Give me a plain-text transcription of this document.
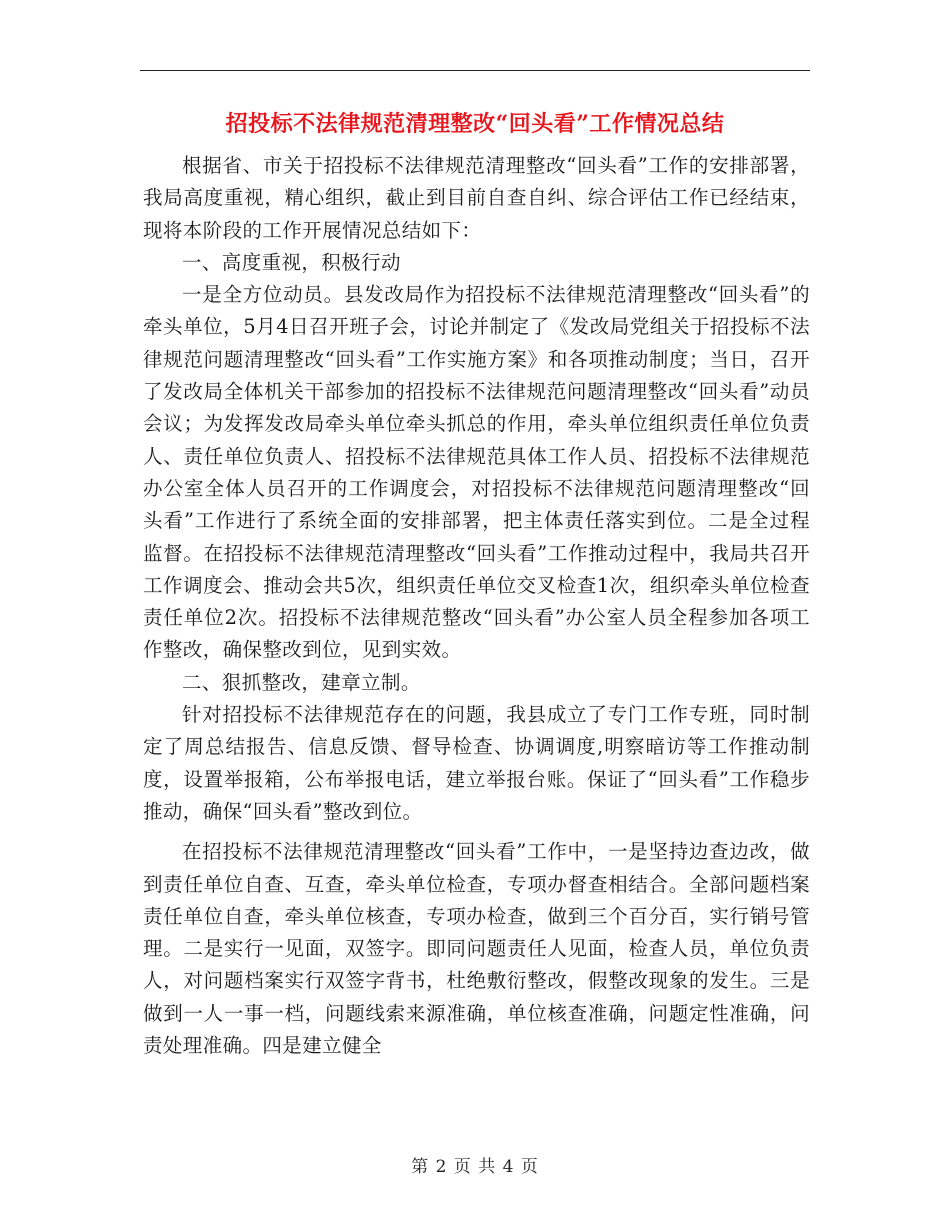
招投标不法律规范清理整改“回头看”工作情况总结

根据省、市关于招投标不法律规范清理整改“回头看”工作的安排部署，我局高度重视，精心组织，截止到目前自查自纠、综合评估工作已经结束，现将本阶段的工作开展情况总结如下：

一、高度重视，积极行动

一是全方位动员。县发改局作为招投标不法律规范清理整改“回头看”的牵头单位，5月4日召开班子会，讨论并制定了《发改局党组关于招投标不法律规范问题清理整改“回头看”工作实施方案》和各项推动制度；当日，召开了发改局全体机关干部参加的招投标不法律规范问题清理整改“回头看”动员会议；为发挥发改局牵头单位牵头抓总的作用，牵头单位组织责任单位负责人、责任单位负责人、招投标不法律规范具体工作人员、招投标不法律规范办公室全体人员召开的工作调度会，对招投标不法律规范问题清理整改“回头看”工作进行了系统全面的安排部署，把主体责任落实到位。二是全过程监督。在招投标不法律规范清理整改“回头看”工作推动过程中，我局共召开工作调度会、推动会共5次，组织责任单位交叉检查1次，组织牵头单位检查责任单位2次。招投标不法律规范整改“回头看”办公室人员全程参加各项工作整改，确保整改到位，见到实效。

二、狠抓整改，建章立制。

针对招投标不法律规范存在的问题，我县成立了专门工作专班，同时制定了周总结报告、信息反馈、督导检查、协调调度,明察暗访等工作推动制度，设置举报箱，公布举报电话，建立举报台账。保证了“回头看”工作稳步推动，确保“回头看”整改到位。

在招投标不法律规范清理整改“回头看”工作中，一是坚持边查边改，做到责任单位自查、互查，牵头单位检查，专项办督查相结合。全部问题档案责任单位自查，牵头单位核查，专项办检查，做到三个百分百，实行销号管理。二是实行一见面，双签字。即同问题责任人见面，检查人员，单位负责人，对问题档案实行双签字背书，杜绝敷衍整改，假整改现象的发生。三是做到一人一事一档，问题线索来源准确，单位核查准确，问题定性准确，问责处理准确。四是建立健全

第 2 页 共 4 页
